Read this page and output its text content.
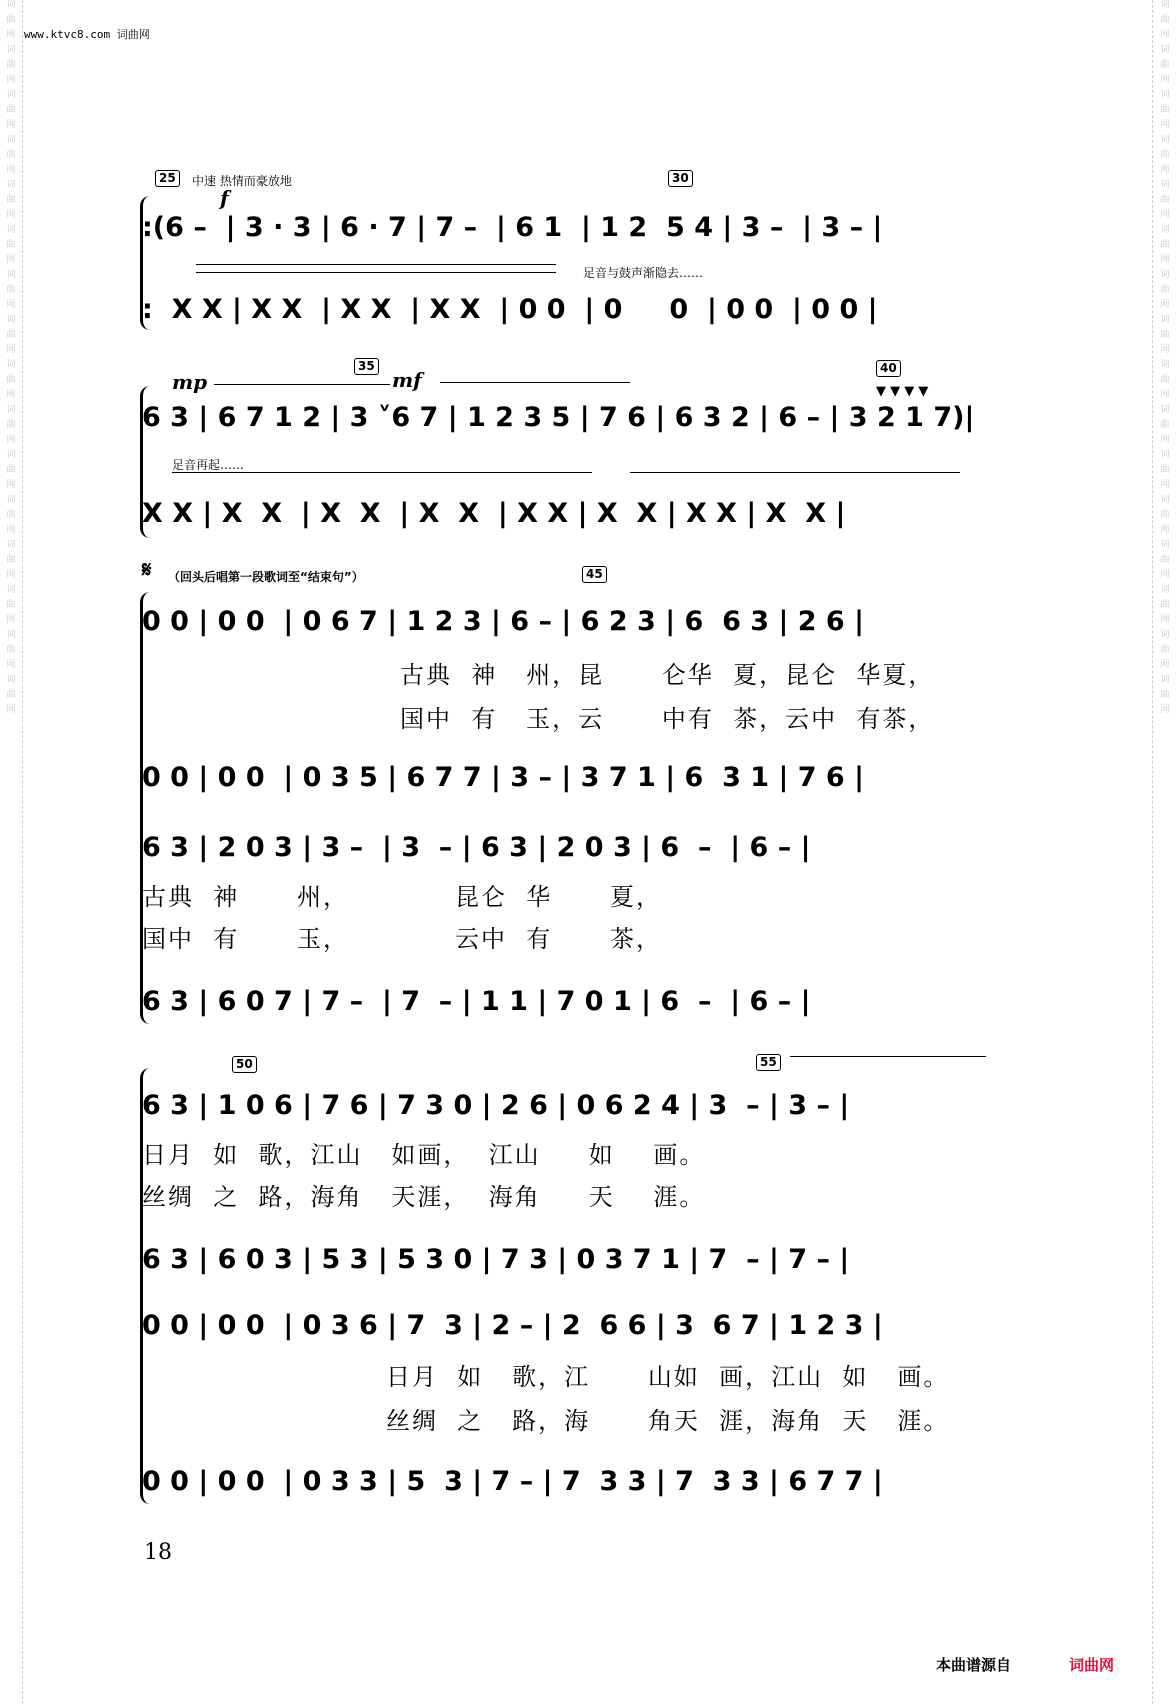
词
曲
网
词
曲
网
词
曲
网
词
曲
网
词
曲
网
词
曲
网
词
曲
网
词
曲
网
词
曲
网
词
曲
网
词
曲
网
词
曲
网
词
曲
网
词
曲
网
词
曲
网
词
曲
网
词
曲
网
词
曲
网
词
曲
网
词
曲
网
词
曲
网
词
曲
网
词
曲
网
词
曲
网
词
曲
网
词
曲
网
词
曲
网
词
曲
网
词
曲
网
词
曲
网
词
曲
网
词
曲
网
www.ktvc8.com 词曲网
25	中速 热情而豪放地	30
f
:(6 –  | 3 · 3 | 6 · 7 | 7 –  | 6 1  | 1 2  5 4 | 3 –  | 3 – |
足音与鼓声渐隐去……
:  X X | X X  | X X  | X X  | 0 0  | 0     0  | 0 0  | 0 0 |
35	40
mp	mf	▼ ▼ ▼ ▼
6 3 | 6 7 1 2 | 3 ˅6 7 | 1 2 3 5 | 7 6 | 6 3 2 | 6 – | 3 2 1 7)|
足音再起……
X X | X  X  | X  X  | X  X  | X X | X  X | X X | X  X |
𝄋 （回头后唱第一段歌词至“结束句”）	45
0 0 | 0 0  | 0 6 7 | 1 2 3 | 6 – | 6 2 3 | 6  6 3 | 2 6 |
古典  神   州，昆      仑华  夏，昆仑  华夏，
国中  有   玉，云      中有  茶，云中  有茶，
0 0 | 0 0  | 0 3 5 | 6 7 7 | 3 – | 3 7 1 | 6  3 1 | 7 6 |
6 3 | 2 0 3 | 3 –  | 3  – | 6 3 | 2 0 3 | 6  –  | 6 – |
古典  神      州，           昆仑  华      夏，
国中  有      玉，           云中  有      茶，
6 3 | 6 0 7 | 7 –  | 7  – | 1 1 | 7 0 1 | 6  –  | 6 – |
50	55
6 3 | 1 0 6 | 7 6 | 7 3 0 | 2 6 | 0 6 2 4 | 3  – | 3 – |
日月  如  歌，江山   如画，  江山     如    画。
丝绸  之  路，海角   天涯，  海角     天    涯。
6 3 | 6 0 3 | 5 3 | 5 3 0 | 7 3 | 0 3 7 1 | 7  – | 7 – |
0 0 | 0 0  | 0 3 6 | 7  3 | 2 – | 2  6 6 | 3  6 7 | 1 2 3 |
日月  如   歌，江      山如  画，江山  如   画。
丝绸  之   路，海      角天  涯，海角  天   涯。
0 0 | 0 0  | 0 3 3 | 5  3 | 7 – | 7  3 3 | 7  3 3 | 6 7 7 |
18
本曲谱源自	词曲网
